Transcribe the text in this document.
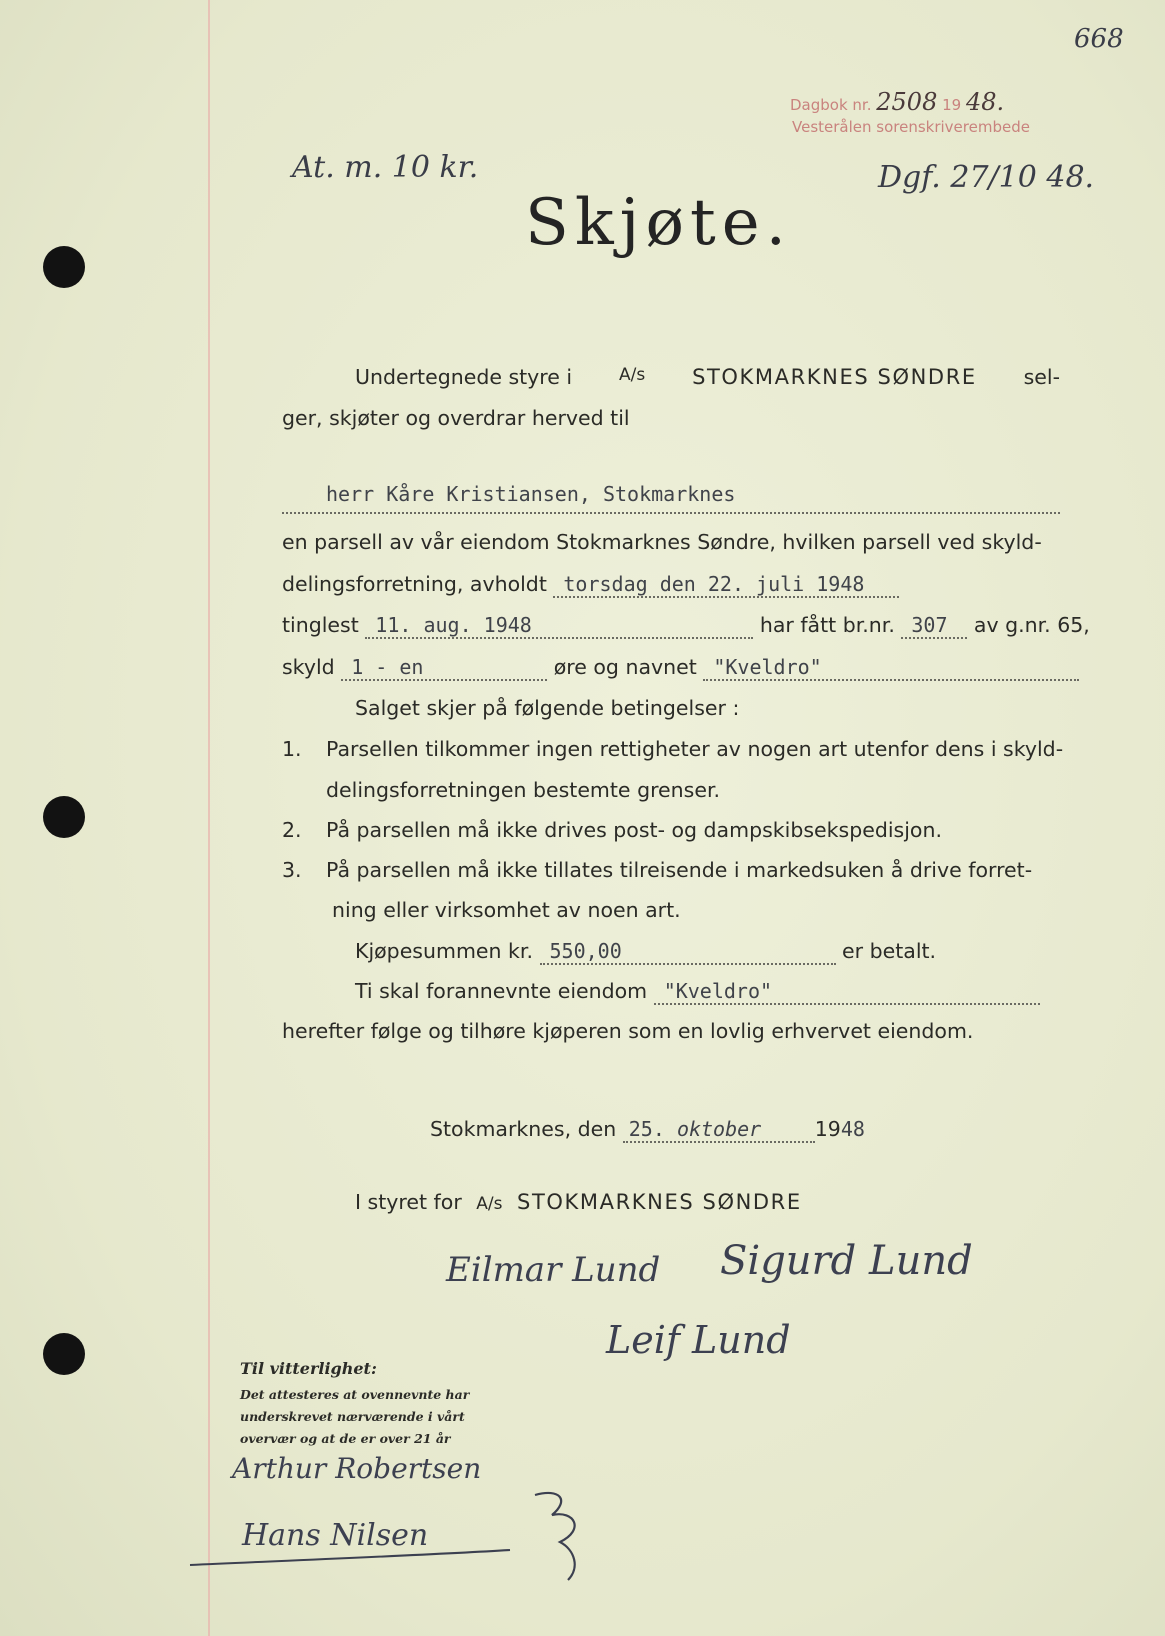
668
Dagbok nr. 2508 19 48.
Vesterålen sorenskriverembede
At. m. 10 kr.	Dgf. 27/10 48.
Skjøte.
Undertegnede styre i	A/s STOKMARKNES SØNDRE sel-
ger, skjøter og overdrar herved til
herr Kåre Kristiansen, Stokmarknes
en parsell av vår eiendom Stokmarknes Søndre, hvilken parsell ved skyld-
delingsforretning, avholdt torsdag den 22. juli 1948
tinglest 11. aug. 1948	har fått br.nr. 307 av g.nr. 65,
skyld 1 - en	øre og navnet "Kveldro"
Salget skjer på følgende betingelser :
1. Parsellen tilkommer ingen rettigheter av nogen art utenfor dens i skyld-
delingsforretningen bestemte grenser.
2. På parsellen må ikke drives post- og dampskibsekspedisjon.
3. På parsellen må ikke tillates tilreisende i markedsuken å drive forret-
ning eller virksomhet av noen art.
Kjøpesummen kr. 550,00	er betalt.
Ti skal forannevnte eiendom "Kveldro"
herefter følge og tilhøre kjøperen som en lovlig erhvervet eiendom.
Stokmarknes, den 25. oktober	1948
I styret for A/s STOKMARKNES SØNDRE
Eilmar Lund Sigurd Lund
Leif Lund
Til vitterlighet:
Det attesteres at ovennevnte har
underskrevet nærværende i vårt
overvær og at de er over 21 år
Arthur Robertsen
Hans Nilsen
